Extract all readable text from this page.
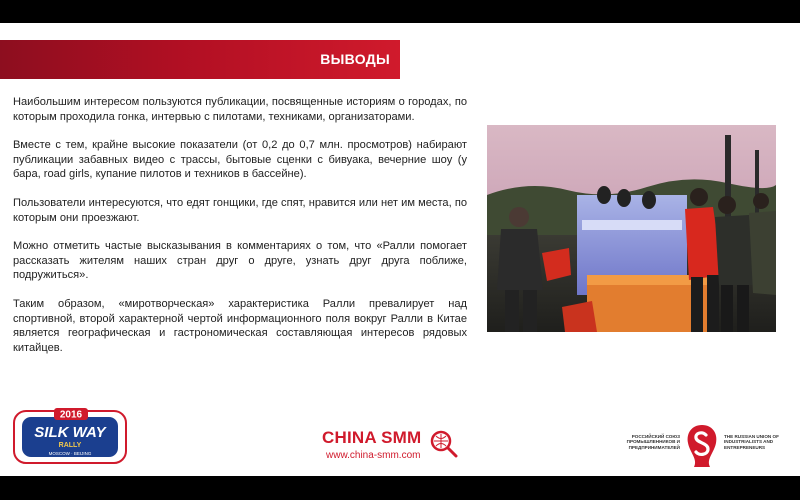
ВЫВОДЫ

Наибольшим интересом пользуются публикации, посвященные историям о городах, по которым проходила гонка, интервью с пилотами, техниками, организаторами.

Вместе с тем, крайне высокие показатели (от 0,2 до 0,7 млн. просмотров) набирают публикации забавных видео с трассы, бытовые сценки с бивуака, вечерние шоу (у бара, road girls, купание пилотов и техников в бассейне).

Пользователи интересуются, что едят гонщики, где спят, нравится или нет им места, по которым они проезжают.

Можно отметить частые высказывания в комментариях о том, что «Ралли помогает рассказать жителям наших стран друг о друге, узнать друг друга поближе, подружиться».

Таким образом, «миротворческая» характеристика Ралли превалирует над спортивной, второй характерной чертой информационного поля вокруг Ралли в Китае является географическая и гастрономическая составляющая интересов рядовых китайцев.

2016
SILK WAY
RALLY
MOSCOW · BEIJING
CHINA SMM
www.china-smm.com
РОССИЙСКИЙ СОЮЗ ПРОМЫШЛЕННИКОВ И ПРЕДПРИНИМАТЕЛЕЙ
THE RUSSIAN UNION OF INDUSTRIALISTS AND ENTREPRENEURS
